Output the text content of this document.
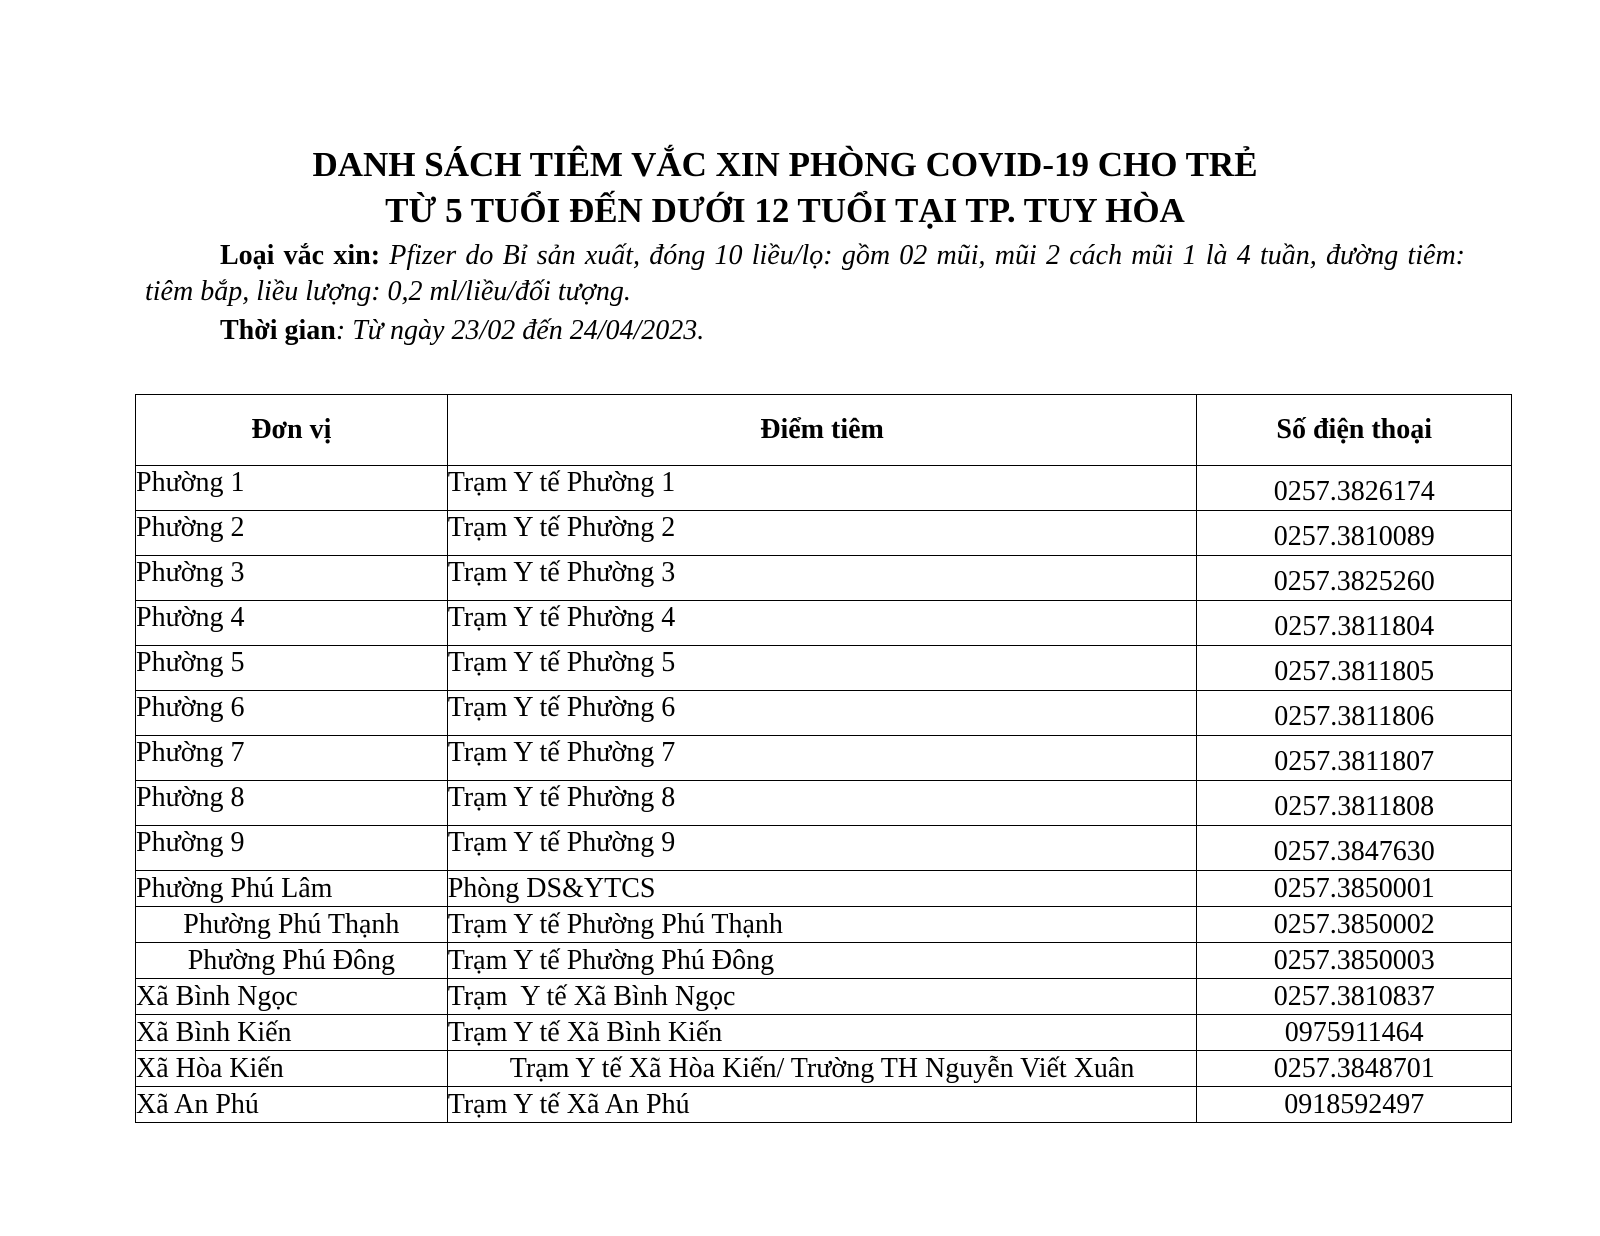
DANH SÁCH TIÊM VẮC XIN PHÒNG COVID-19 CHO TRẺ
TỪ 5 TUỔI ĐẾN DƯỚI 12 TUỔI TẠI TP. TUY HÒA

Loại vắc xin: Pfizer do Bỉ sản xuất, đóng 10 liều/lọ: gồm 02 mũi, mũi 2 cách mũi 1 là 4 tuần, đường tiêm: tiêm bắp, liều lượng: 0,2 ml/liều/đối tượng.

Thời gian: Từ ngày 23/02 đến 24/04/2023.

Đơn vị	Điểm tiêm	Số điện thoại
Phường 1	Trạm Y tế Phường 1	0257.3826174
Phường 2	Trạm Y tế Phường 2	0257.3810089
Phường 3	Trạm Y tế Phường 3	0257.3825260
Phường 4	Trạm Y tế Phường 4	0257.3811804
Phường 5	Trạm Y tế Phường 5	0257.3811805
Phường 6	Trạm Y tế Phường 6	0257.3811806
Phường 7	Trạm Y tế Phường 7	0257.3811807
Phường 8	Trạm Y tế Phường 8	0257.3811808
Phường 9	Trạm Y tế Phường 9	0257.3847630
Phường Phú Lâm	Phòng DS&YTCS	0257.3850001
Phường Phú Thạnh	Trạm Y tế Phường Phú Thạnh	0257.3850002
Phường Phú Đông	Trạm Y tế Phường Phú Đông	0257.3850003
Xã Bình Ngọc	Trạm  Y tế Xã Bình Ngọc	0257.3810837
Xã Bình Kiến	Trạm Y tế Xã Bình Kiến	0975911464
Xã Hòa Kiến	Trạm Y tế Xã Hòa Kiến/ Trường TH Nguyễn Viết Xuân	0257.3848701
Xã An Phú	Trạm Y tế Xã An Phú	0918592497
